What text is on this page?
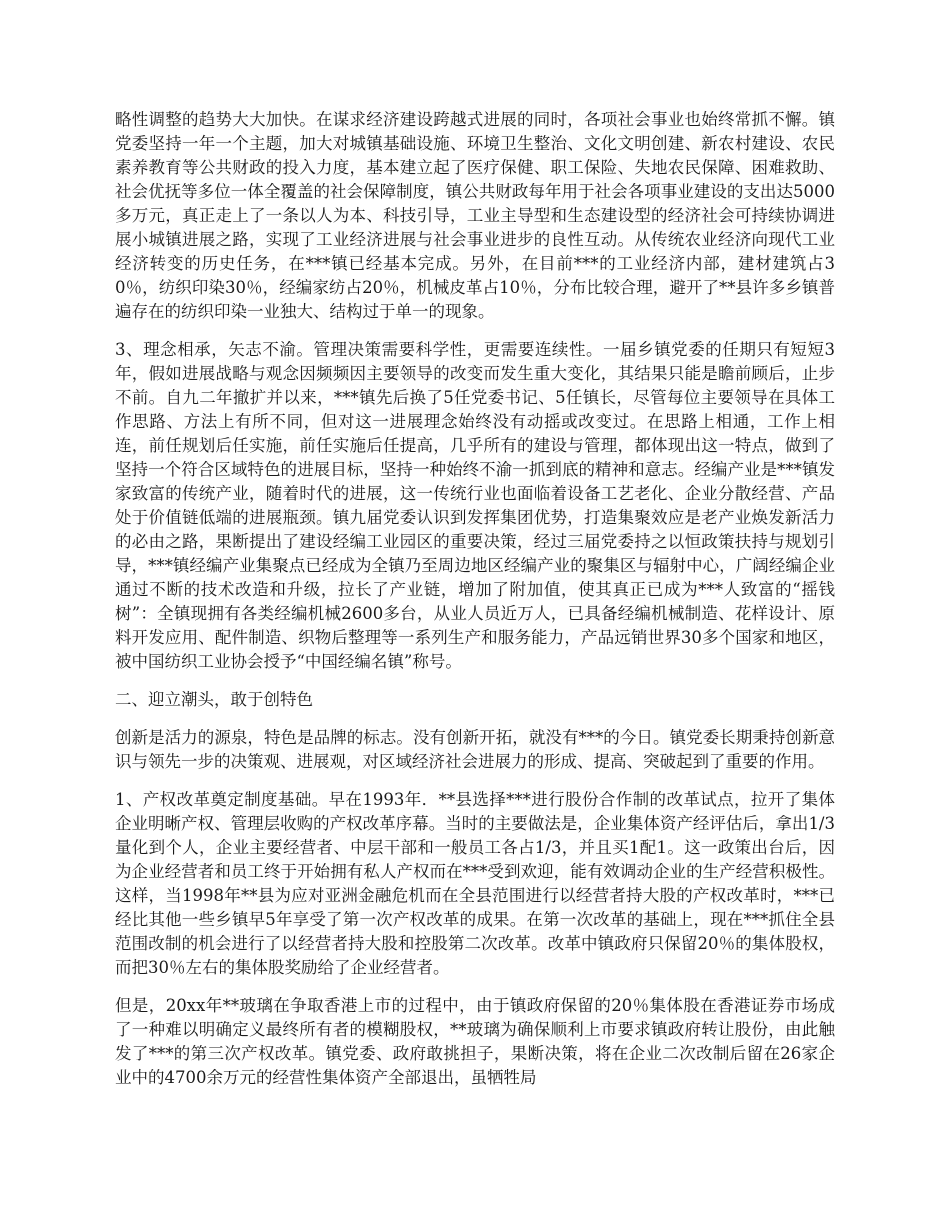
略性调整的趋势大大加快。在谋求经济建设跨越式进展的同时，各项社会事业也始终常抓不懈。镇党委坚持一年一个主题，加大对城镇基础设施、环境卫生整治、文化文明创建、新农村建设、农民素养教育等公共财政的投入力度，基本建立起了医疗保健、职工保险、失地农民保障、困难救助、社会优抚等多位一体全覆盖的社会保障制度，镇公共财政每年用于社会各项事业建设的支出达5000多万元，真正走上了一条以人为本、科技引导，工业主导型和生态建设型的经济社会可持续协调进展小城镇进展之路，实现了工业经济进展与社会事业进步的良性互动。从传统农业经济向现代工业经济转变的历史任务，在***镇已经基本完成。另外，在目前***的工业经济内部，建材建筑占30％，纺织印染30％，经编家纺占20％，机械皮革占10％，分布比较合理，避开了**县许多乡镇普遍存在的纺织印染一业独大、结构过于单一的现象。

3、理念相承，矢志不渝。管理决策需要科学性，更需要连续性。一届乡镇党委的任期只有短短3年，假如进展战略与观念因频频因主要领导的改变而发生重大变化，其结果只能是瞻前顾后，止步不前。自九二年撤扩并以来，***镇先后换了5任党委书记、5任镇长，尽管每位主要领导在具体工作思路、方法上有所不同，但对这一进展理念始终没有动摇或改变过。在思路上相通，工作上相连，前任规划后任实施，前任实施后任提高，几乎所有的建设与管理，都体现出这一特点，做到了坚持一个符合区域特色的进展目标，坚持一种始终不渝一抓到底的精神和意志。经编产业是***镇发家致富的传统产业，随着时代的进展，这一传统行业也面临着设备工艺老化、企业分散经营、产品处于价值链低端的进展瓶颈。镇九届党委认识到发挥集团优势，打造集聚效应是老产业焕发新活力的必由之路，果断提出了建设经编工业园区的重要决策，经过三届党委持之以恒政策扶持与规划引导，***镇经编产业集聚点已经成为全镇乃至周边地区经编产业的聚集区与辐射中心，广阔经编企业通过不断的技术改造和升级，拉长了产业链，增加了附加值，使其真正已成为***人致富的“摇钱树”：全镇现拥有各类经编机械2600多台，从业人员近万人，已具备经编机械制造、花样设计、原料开发应用、配件制造、织物后整理等一系列生产和服务能力，产品远销世界30多个国家和地区，被中国纺织工业协会授予“中国经编名镇”称号。

二、迎立潮头，敢于创特色

创新是活力的源泉，特色是品牌的标志。没有创新开拓，就没有***的今日。镇党委长期秉持创新意识与领先一步的决策观、进展观，对区域经济社会进展力的形成、提高、突破起到了重要的作用。

1、产权改革奠定制度基础。早在1993年．**县选择***进行股份合作制的改革试点，拉开了集体企业明晰产权、管理层收购的产权改革序幕。当时的主要做法是，企业集体资产经评估后，拿出1/3量化到个人，企业主要经营者、中层干部和一般员工各占1/3，并且买1配1。这一政策出台后，因为企业经营者和员工终于开始拥有私人产权而在***受到欢迎，能有效调动企业的生产经营积极性。这样，当1998年**县为应对亚洲金融危机而在全县范围进行以经营者持大股的产权改革时，***已经比其他一些乡镇早5年享受了第一次产权改革的成果。在第一次改革的基础上，现在***抓住全县范围改制的机会进行了以经营者持大股和控股第二次改革。改革中镇政府只保留20％的集体股权，而把30％左右的集体股奖励给了企业经营者。

但是，20xx年**玻璃在争取香港上市的过程中，由于镇政府保留的20％集体股在香港证券市场成了一种难以明确定义最终所有者的模糊股权，**玻璃为确保顺利上市要求镇政府转让股份，由此触发了***的第三次产权改革。镇党委、政府敢挑担子，果断决策，将在企业二次改制后留在26家企业中的4700余万元的经营性集体资产全部退出，虽牺牲局
